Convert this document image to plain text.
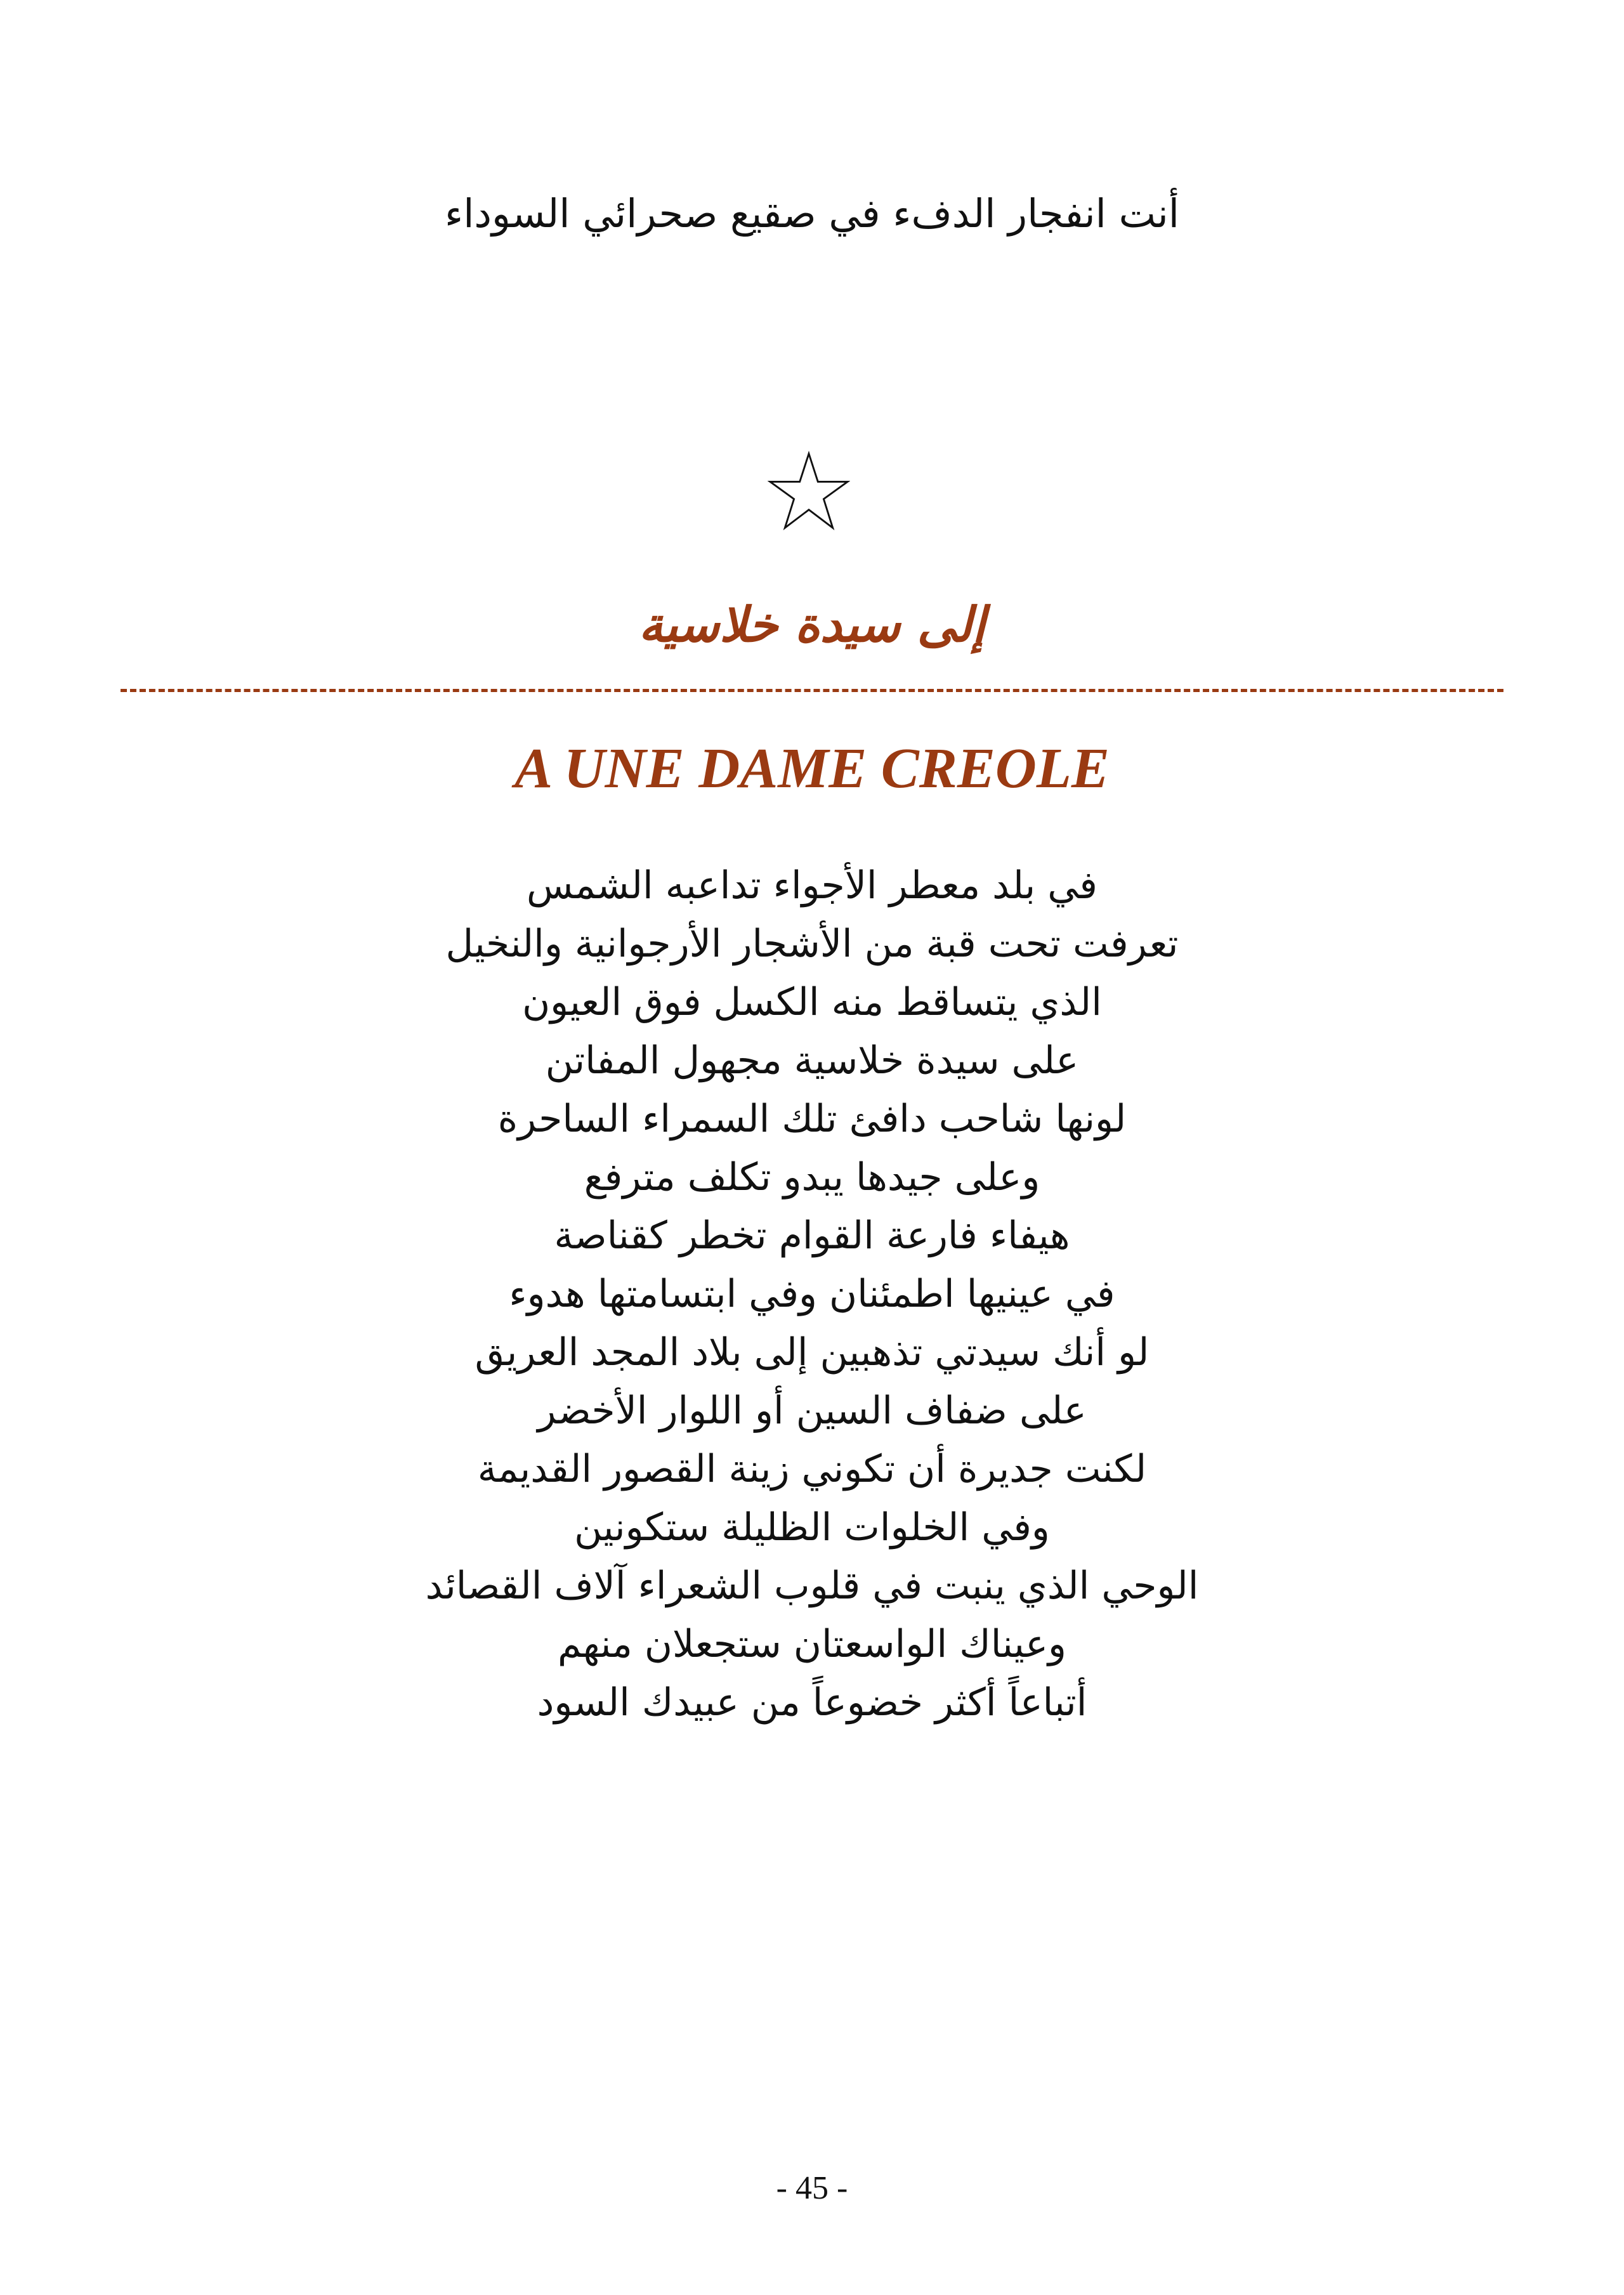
أنت انفجار الدفء في صقيع صحرائي السوداء
إلى سيدة خلاسية
A UNE DAME CREOLE
في بلد معطر الأجواء تداعبه الشمس
تعرفت تحت قبة من الأشجار الأرجوانية والنخيل
الذي يتساقط منه الكسل فوق العيون
على سيدة خلاسية مجهول المفاتن
لونها شاحب دافئ تلك السمراء الساحرة
وعلى جيدها يبدو تكلف مترفع
هيفاء فارعة القوام تخطر كقناصة
في عينيها اطمئنان وفي ابتسامتها هدوء
لو أنك سيدتي تذهبين إلى بلاد المجد العريق
على ضفاف السين أو اللوار الأخضر
لكنت جديرة أن تكوني زينة القصور القديمة
وفي الخلوات الظليلة ستكونين
الوحي الذي ينبت في قلوب الشعراء آلاف القصائد
وعيناك الواسعتان ستجعلان منهم
أتباعاً أكثر خضوعاً من عبيدك السود
- 45 -
